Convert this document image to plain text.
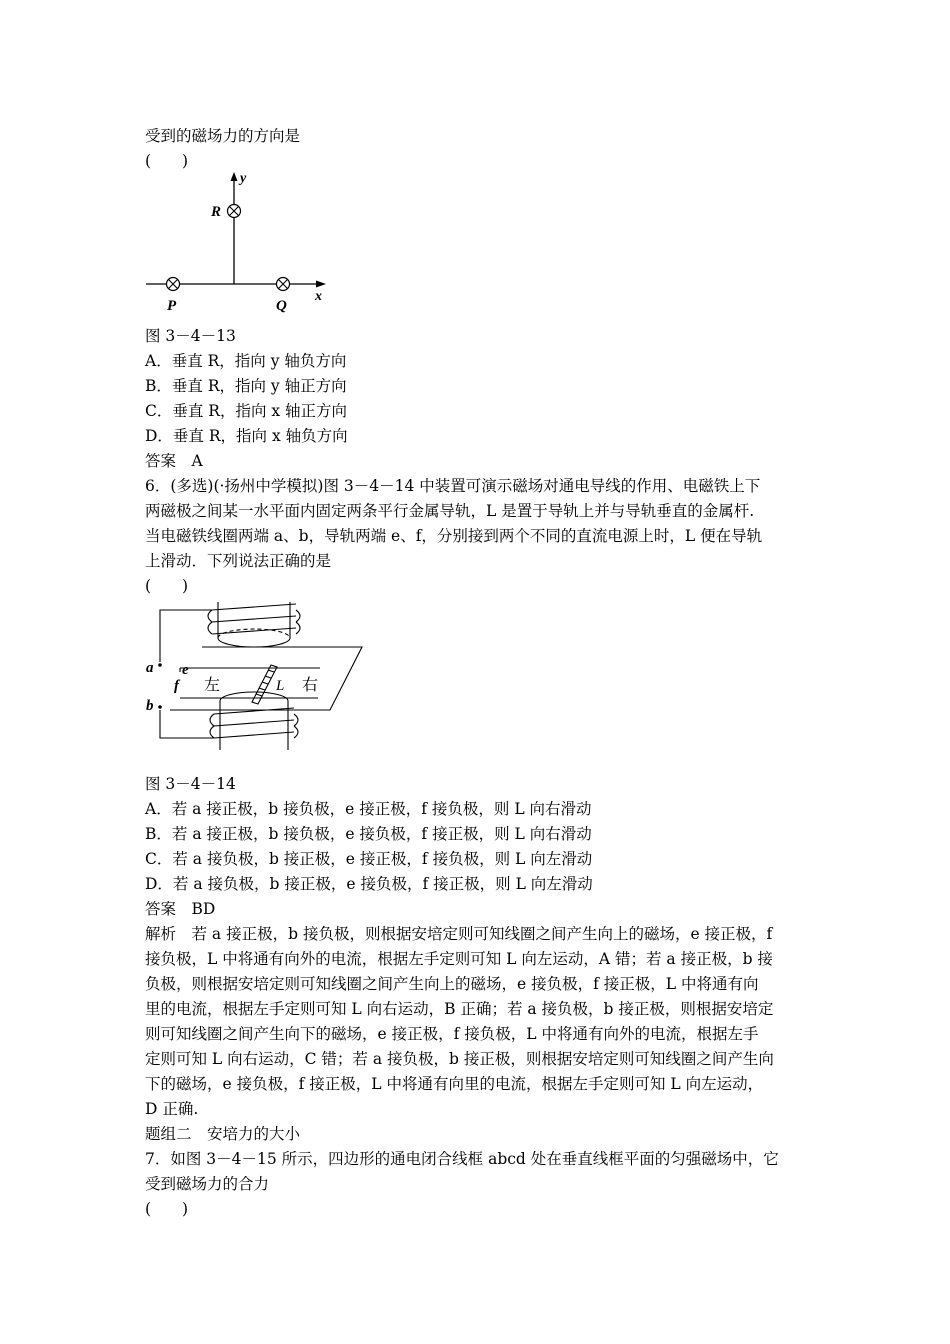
受到的磁场力的方向是
(　　)
R
y
P	Q
x
图 3－4－13
A．垂直 R，指向 y 轴负方向
B．垂直 R，指向 y 轴正方向
C．垂直 R，指向 x 轴正方向
D．垂直 R，指向 x 轴负方向
答案　A
6．(多选)(·扬州中学模拟)图 3－4－14 中装置可演示磁场对通电导线的作用、电磁铁上下
两磁极之间某一水平面内固定两条平行金属导轨，L 是置于导轨上并与导轨垂直的金属杆.
当电磁铁线圈两端 a、b，导轨两端 e、f，分别接到两个不同的直流电源上时，L 便在导轨
上滑动．下列说法正确的是
(　　)
a
b
e
f 左	L 右
图 3－4－14
A．若 a 接正极，b 接负极，e 接正极，f 接负极，则 L 向右滑动
B．若 a 接正极，b 接负极，e 接负极，f 接正极，则 L 向右滑动
C．若 a 接负极，b 接正极，e 接正极，f 接负极，则 L 向左滑动
D．若 a 接负极，b 接正极，e 接负极，f 接正极，则 L 向左滑动
答案　BD
解析　若 a 接正极，b 接负极，则根据安培定则可知线圈之间产生向上的磁场，e 接正极，f
接负极，L 中将通有向外的电流，根据左手定则可知 L 向左运动，A 错；若 a 接正极，b 接
负极，则根据安培定则可知线圈之间产生向上的磁场，e 接负极，f 接正极，L 中将通有向
里的电流，根据左手定则可知 L 向右运动，B 正确；若 a 接负极，b 接正极，则根据安培定
则可知线圈之间产生向下的磁场，e 接正极，f 接负极，L 中将通有向外的电流，根据左手
定则可知 L 向右运动，C 错；若 a 接负极，b 接正极，则根据安培定则可知线圈之间产生向
下的磁场，e 接负极，f 接正极，L 中将通有向里的电流，根据左手定则可知 L 向左运动，
D 正确.
题组二　安培力的大小
7．如图 3－4－15 所示，四边形的通电闭合线框 abcd 处在垂直线框平面的匀强磁场中，它
受到磁场力的合力
(　　)
